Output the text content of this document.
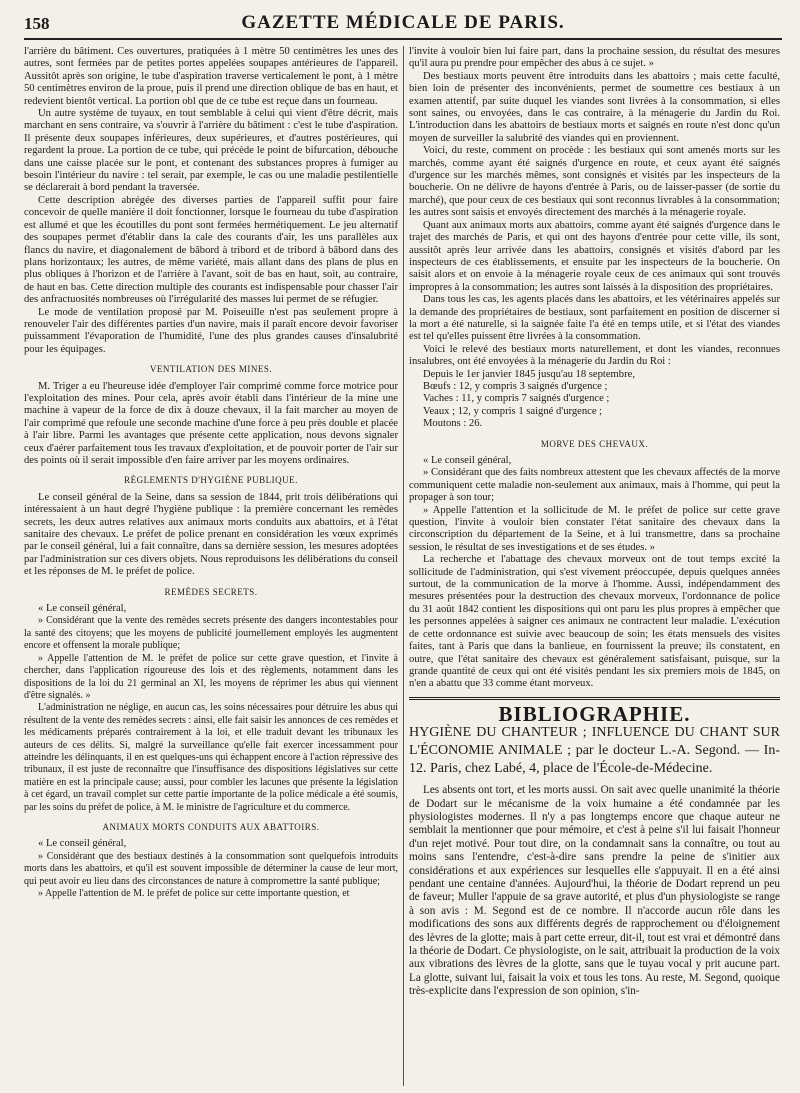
158	GAZETTE MÉDICALE DE PARIS.

l'arrière du bâtiment. Ces ouvertures, pratiquées à 1 mètre 50 centimètres les unes des autres, sont fermées par de petites portes appelées soupapes antérieures de l'appareil. Aussitôt après son origine, le tube d'aspiration traverse verticalement le pont, à 1 mètre 50 centimètres environ de la proue, puis il prend une direction oblique de bas en haut, et redevient bientôt vertical. La portion obl que de ce tube est reçue dans un fourneau.

Un autre système de tuyaux, en tout semblable à celui qui vient d'être décrit, mais marchant en sens contraire, va s'ouvrir à l'arrière du bâtiment : c'est le tube d'aspiration. Il présente deux soupapes inférieures, deux supérieures, et d'autres postérieures, qui regardent la proue. La portion de ce tube, qui précède le point de bifurcation, débouche dans une caisse placée sur le pont, et contenant des substances propres à fumiger au besoin l'intérieur du navire : tel serait, par exemple, le cas ou une maladie pestilentielle se déclarerait à bord pendant la traversée.

Cette description abrégée des diverses parties de l'appareil suffit pour faire concevoir de quelle manière il doit fonctionner, lorsque le fourneau du tube d'aspiration est allumé et que les écoutilles du pont sont fermées hermétiquement. Le jeu alternatif des soupapes permet d'établir dans la cale des courants d'air, les uns parallèles aux flancs du navire, et diagonalement de bâbord à tribord et de tribord à bâbord dans des plans horizontaux; les autres, de même variété, mais allant dans des plans de plus en plus obliques à l'horizon et de l'arrière à l'avant, soit de bas en haut, soit, au contraire, de haut en bas. Cette direction multiple des courants est indispensable pour chasser l'air des anfractuosités nombreuses où l'irrégularité des masses lui permet de se réfugier.

Le mode de ventilation proposé par M. Poiseuille n'est pas seulement propre à renouveler l'air des différentes parties d'un navire, mais il paraît encore devoir favoriser puissamment l'évaporation de l'humidité, l'une des plus grandes causes d'insalubrité pour les équipages.

VENTILATION DES MINES.

M. Triger a eu l'heureuse idée d'employer l'air comprimé comme force motrice pour l'exploitation des mines. Pour cela, après avoir établi dans l'intérieur de la mine une machine à vapeur de la force de dix à douze chevaux, il la fait marcher au moyen de l'air comprimé que refoule une seconde machine d'une force à peu près double et placée à l'air libre. Parmi les avantages que présente cette application, nous devons signaler ceux d'aérer parfaitement tous les travaux d'exploitation, et de pouvoir porter de l'air sur des points où il serait impossible d'en faire arriver par les moyens ordinaires.

RÈGLEMENTS D'HYGIÈNE PUBLIQUE.

Le conseil général de la Seine, dans sa session de 1844, prit trois délibérations qui intéressaient à un haut degré l'hygiène publique : la première concernant les remèdes secrets, les deux autres relatives aux animaux morts conduits aux abattoirs, et à l'état sanitaire des chevaux. Le préfet de police prenant en considération les vœux exprimés par le conseil général, lui a fait connaître, dans sa dernière session, les mesures adoptées par l'administration sur ces divers objets. Nous reproduisons les délibérations du conseil et les réponses de M. le préfet de police.

REMÈDES SECRETS.

« Le conseil général,

» Considérant que la vente des remèdes secrets présente des dangers incontestables pour la santé des citoyens; que les moyens de publicité journellement employés les augmentent encore et offensent la morale publique;

» Appelle l'attention de M. le préfet de police sur cette grave question, et l'invite à chercher, dans l'application rigoureuse des lois et des règlements, notamment dans les dispositions de la loi du 21 germinal an XI, les moyens de réprimer les abus qui viennent d'être signalés. »

L'administration ne néglige, en aucun cas, les soins nécessaires pour détruire les abus qui résultent de la vente des remèdes secrets : ainsi, elle fait saisir les annonces de ces remèdes et les médicaments préparés contrairement à la loi, et elle traduit devant les tribunaux les auteurs de ces délits. Si, malgré la surveillance qu'elle fait exercer incessamment pour atteindre les délinquants, il en est quelques-uns qui échappent encore à l'action répressive des tribunaux, il est juste de reconnaître que l'insuffisance des dispositions législatives sur cette matière en est la principale cause; aussi, pour combler les lacunes que présente la législation à cet égard, un travail complet sur cette partie importante de la police médicale a été soumis, par les soins du préfet de police, à M. le ministre de l'agriculture et du commerce.

ANIMAUX MORTS CONDUITS AUX ABATTOIRS.

« Le conseil général,

» Considérant que des bestiaux destinés à la consommation sont quelquefois introduits morts dans les abattoirs, et qu'il est souvent impossible de déterminer la cause de leur mort, qui peut avoir eu lieu dans des circonstances de nature à compromettre la santé publique;

» Appelle l'attention de M. le préfet de police sur cette importante question, et

l'invite à vouloir bien lui faire part, dans la prochaine session, du résultat des mesures qu'il aura pu prendre pour empêcher des abus à ce sujet. »

Des bestiaux morts peuvent être introduits dans les abattoirs ; mais cette faculté, bien loin de présenter des inconvénients, permet de soumettre ces bestiaux à un examen attentif, par suite duquel les viandes sont livrées à la consommation, si elles sont saines, ou envoyées, dans le cas contraire, à la ménagerie du Jardin du Roi. L'introduction dans les abattoirs de bestiaux morts et saignés en route n'est donc qu'un moyen de surveiller la salubrité des viandes qui en proviennent.

Voici, du reste, comment on procède : les bestiaux qui sont amenés morts sur les marchés, comme ayant été saignés d'urgence en route, et ceux ayant été saignés d'urgence sur les marchés mêmes, sont consignés et visités par les inspecteurs de la boucherie. On ne délivre de hayons d'entrée à Paris, ou de laisser-passer (de sortie du marché), que pour ceux de ces bestiaux qui sont reconnus livrables à la consommation; les autres sont saisis et envoyés directement des marchés à la ménagerie royale.

Quant aux animaux morts aux abattoirs, comme ayant été saignés d'urgence dans le trajet des marchés de Paris, et qui ont des hayons d'entrée pour cette ville, ils sont, aussitôt après leur arrivée dans les abattoirs, consignés et visités d'abord par les inspecteurs de ces établissements, et ensuite par les inspecteurs de la boucherie. On saisit alors et on envoie à la ménagerie royale ceux de ces animaux qui sont trouvés impropres à la consommation; les autres sont laissés à la disposition des propriétaires.

Dans tous les cas, les agents placés dans les abattoirs, et les vétérinaires appelés sur la demande des propriétaires de bestiaux, sont parfaitement en position de discerner si la mort a été naturelle, si la saignée faite l'a été en temps utile, et si l'état des viandes est tel qu'elles puissent être livrées à la consommation.

Voici le relevé des bestiaux morts naturellement, et dont les viandes, reconnues insalubres, ont été envoyées à la ménagerie du Jardin du Roi :

Depuis le 1er janvier 1845 jusqu'au 18 septembre,

Bœufs : 12, y compris 3 saignés d'urgence ;

Vaches : 11, y compris 7 saignés d'urgence ;

Veaux ; 12, y compris 1 saigné d'urgence ;

Moutons : 26.

MORVE DES CHEVAUX.

« Le conseil général,

» Considérant que des faits nombreux attestent que les chevaux affectés de la morve communiquent cette maladie non-seulement aux animaux, mais à l'homme, qui peut la propager à son tour;

» Appelle l'attention et la sollicitude de M. le préfet de police sur cette grave question, l'invite à vouloir bien constater l'état sanitaire des chevaux dans la circonscription du département de la Seine, et à lui transmettre, dans sa prochaine session, le résultat de ses investigations et de ses études. »

La recherche et l'abattage des chevaux morveux ont de tout temps excité la sollicitude de l'administration, qui s'est vivement préoccupée, depuis quelques années surtout, de la communication de la morve à l'homme. Aussi, indépendamment des mesures présentées pour la destruction des chevaux morveux, l'ordonnance de police du 31 août 1842 contient les dispositions qui ont paru les plus propres à empêcher que les personnes appelées à saigner ces animaux ne contractent leur maladie. L'exécution de cette ordonnance est suivie avec beaucoup de soin; les états mensuels des visites faites, tant à Paris que dans la banlieue, en fournissent la preuve; ils constatent, en outre, que l'état sanitaire des chevaux est généralement satisfaisant, puisque, sur la grande quantité de ceux qui ont été visités pendant les six premiers mois de 1845, on n'en a abattu que 33 comme étant morveux.

BIBLIOGRAPHIE.

HYGIÈNE DU CHANTEUR ; INFLUENCE DU CHANT SUR L'ÉCONOMIE ANIMALE ; par le docteur L.-A. Segond. — In-12. Paris, chez Labé, 4, place de l'École-de-Médecine.

Les absents ont tort, et les morts aussi. On sait avec quelle unanimité la théorie de Dodart sur le mécanisme de la voix humaine a été condamnée par les physiologistes modernes. Il n'y a pas longtemps encore que chaque auteur ne semblait la mentionner que pour mémoire, et c'est à peine s'il lui faisait l'honneur d'un rejet motivé. Pour tout dire, on la condamnait sans la connaître, ou tout au moins sans l'entendre, c'est-à-dire sans prendre la peine de s'initier aux considérations et aux expériences sur lesquelles elle s'appuyait. Il en a été ainsi pendant une centaine d'années. Aujourd'hui, la théorie de Dodart reprend un peu de faveur; Muller l'appuie de sa grave autorité, et plus d'un physiologiste se range à son avis : M. Segond est de ce nombre. Il n'accorde aucun rôle dans les modifications des sons aux différents degrés de rapprochement ou d'éloignement des lèvres de la glotte; mais à part cette erreur, dit-il, tout est vrai et démontré dans la théorie de Dodart. Ce physiologiste, on le sait, attribuait la production de la voix aux vibrations des lèvres de la glotte, sans que le tuyau vocal y prit aucune part. La glotte, suivant lui, faisait la voix et tous les tons. Au reste, M. Segond, quoique très-explicite dans l'expression de son opinion, s'in-
